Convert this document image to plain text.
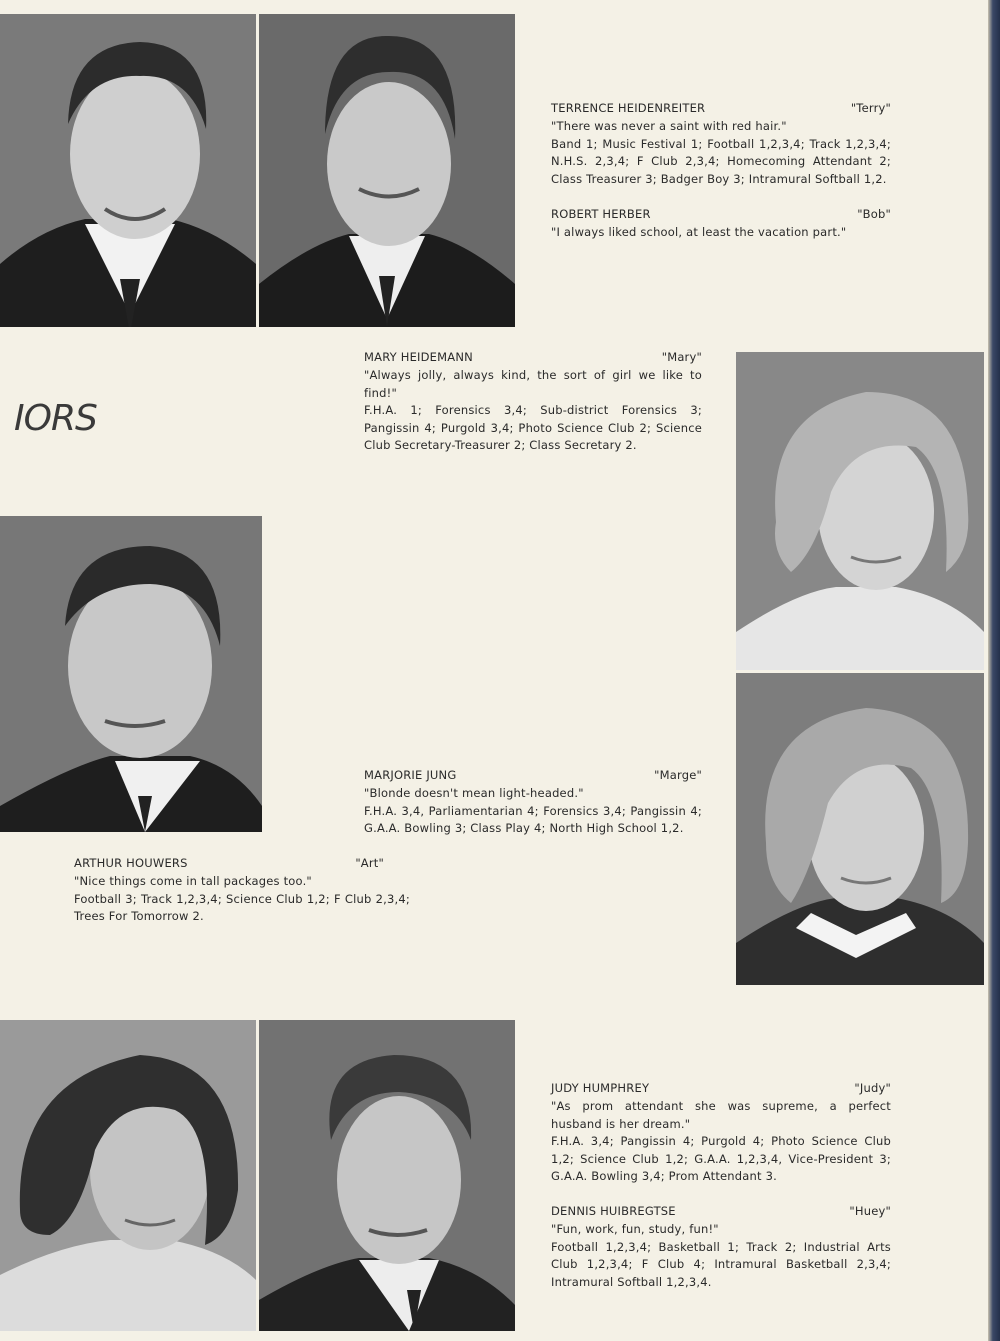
TERRENCE HEIDENREITER	"Terry"
"There was never a saint with red hair."
Band 1; Music Festival 1; Football 1,2,3,4; Track 1,2,3,4; N.H.S. 2,3,4; F Club 2,3,4; Homecoming Attendant 2; Class Treasurer 3; Badger Boy 3; Intramural Softball 1,2.
ROBERT HERBER	"Bob"
"I always liked school, at least the vacation part."
IORS
MARY HEIDEMANN	"Mary"
"Always jolly, always kind, the sort of girl we like to find!"
F.H.A. 1; Forensics 3,4; Sub-district Forensics 3; Pangissin 4; Purgold 3,4; Photo Science Club 2; Science Club Secretary-Treasurer 2; Class Secretary 2.
MARJORIE JUNG	"Marge"
"Blonde doesn't mean light-headed."
F.H.A. 3,4, Parliamentarian 4; Forensics 3,4; Pangissin 4; G.A.A. Bowling 3; Class Play 4; North High School 1,2.
ARTHUR HOUWERS	"Art"
"Nice things come in tall packages too."
Football 3; Track 1,2,3,4; Science Club 1,2; F Club 2,3,4; Trees For Tomorrow 2.
JUDY HUMPHREY	"Judy"
"As prom attendant she was supreme, a perfect husband is her dream."
F.H.A. 3,4; Pangissin 4; Purgold 4; Photo Science Club 1,2; Science Club 1,2; G.A.A. 1,2,3,4, Vice-President 3; G.A.A. Bowling 3,4; Prom Attendant 3.
DENNIS HUIBREGTSE	"Huey"
"Fun, work, fun, study, fun!"
Football 1,2,3,4; Basketball 1; Track 2; Industrial Arts Club 1,2,3,4; F Club 4; Intramural Basketball 2,3,4; Intramural Softball 1,2,3,4.
